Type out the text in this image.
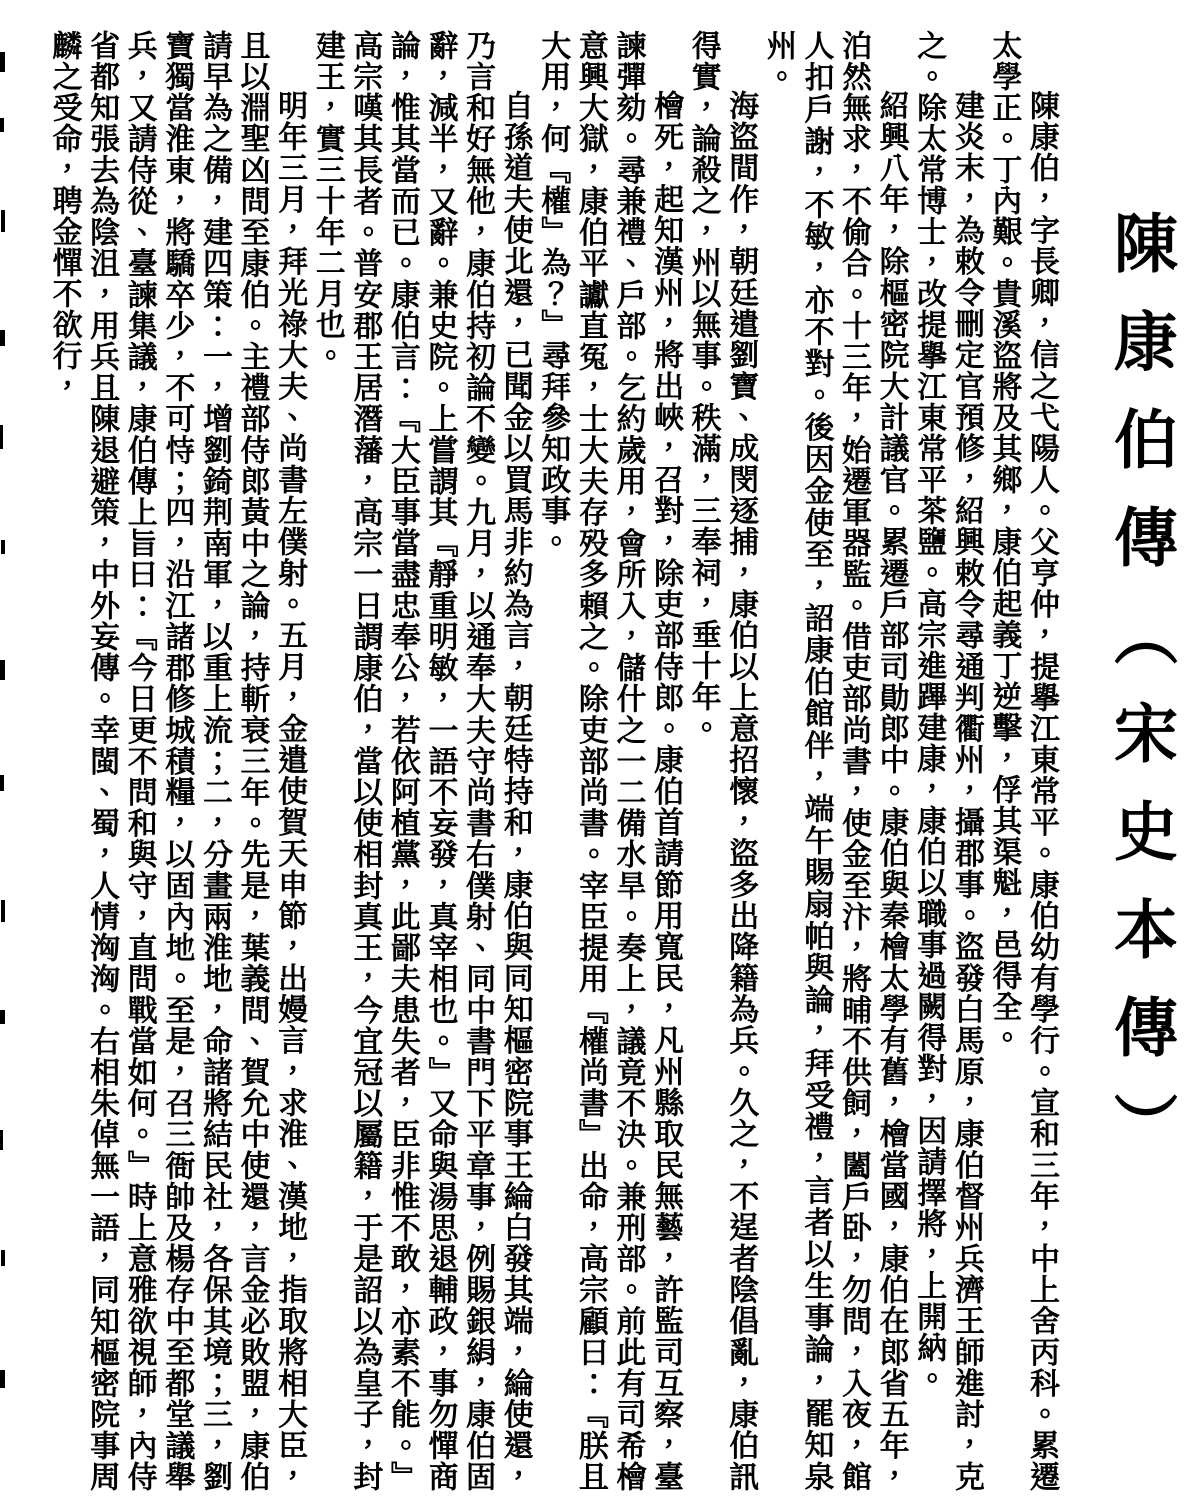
陳康伯傳（宋史本傳）

陳康伯，字長卿，信之弋陽人。父亨仲，提擧江東常平。康伯幼有學行。宣和三年，中上舍丙科。累遷太學正。丁內艱。貴溪盜將及其鄉，康伯起義丁逆擊，俘其渠魁，邑得全。

建炎末，為敕令刪定官預修，紹興敕令尋通判衢州，攝郡事。盜發白馬原，康伯督州兵濟王師進討，克之。除太常博士，改提擧江東常平茶鹽。高宗進蹕建康，康伯以職事過闕得對，因請擇將，上開納。

紹興八年，除樞密院大計議官。累遷戶部司勛郎中。康伯與秦檜太學有舊，檜當國，康伯在郎省五年，泊然無求，不偷合。十三年，始遷軍器監。借吏部尚書，使金至汴，將晡不供飼，闔戶卧，勿問，入夜，館人扣戶謝，不敏，亦不對。後因金使至，詔康伯館伴，端午賜扇帕與論，拜受禮，言者以生事論，罷知泉州。

海盜間作，朝廷遣劉寶、成閔逐捕，康伯以上意招懷，盜多出降籍為兵。久之，不逞者陰倡亂，康伯訊得實，論殺之，州以無事。秩滿，三奉祠，垂十年。

檜死，起知漢州，將出峽，召對，除吏部侍郎。康伯首請節用寬民，凡州縣取民無藝，許監司互察，臺諫彈劾。尋兼禮、戶部。乞約歲用，會所入，儲什之一二備水旱。奏上，議竟不決。兼刑部。前此有司希檜意興大獄，康伯平讞直冤，士大夫存殁多賴之。除吏部尚書。宰臣提用『權尚書』出命，高宗顧曰：『朕且大用，何『權』為？』尋拜參知政事。

自孫道夫使北還，已聞金以買馬非約為言，朝廷特持和，康伯與同知樞密院事王綸白發其端，綸使還，乃言和好無他，康伯持初論不變。九月，以通奉大夫守尚書右僕射、同中書門下平章事，例賜銀絹，康伯固辭，減半，又辭。兼史院。上嘗謂其『靜重明敏，一語不妄發，真宰相也。』又命與湯思退輔政，事勿憚商論，惟其當而已。康伯言：『大臣事當盡忠奉公，若依阿植黨，此鄙夫患失者，臣非惟不敢，亦素不能。』高宗嘆其長者。普安郡王居潛藩，高宗一日謂康伯，當以使相封真王，今宜冠以屬籍，于是詔以為皇子，封建王，實三十年二月也。

明年三月，拜光祿大夫、尚書左僕射。五月，金遣使賀天申節，出嫚言，求淮、漢地，指取將相大臣，且以淵聖凶問至康伯。主禮部侍郎黃中之論，持斬衰三年。先是，葉義問、賀允中使還，言金必敗盟，康伯請早為之備，建四策：一，增劉錡荆南軍，以重上流；二，分畫兩淮地，命諸將結民社，各保其境；三，劉寶獨當淮東，將驕卒少，不可恃；四，沿江諸郡修城積糧，以固內地。至是，召三衙帥及楊存中至都堂議舉兵，又請侍從、臺諫集議，康伯傳上旨曰：『今日更不問和與守，直問戰當如何。』時上意雅欲視師，內侍省都知張去為陰沮，用兵且陳退避策，中外妄傳。幸閩、蜀，人情洶洶。右相朱倬無一語，同知樞密院事周麟之受命，聘金憚不欲行，
